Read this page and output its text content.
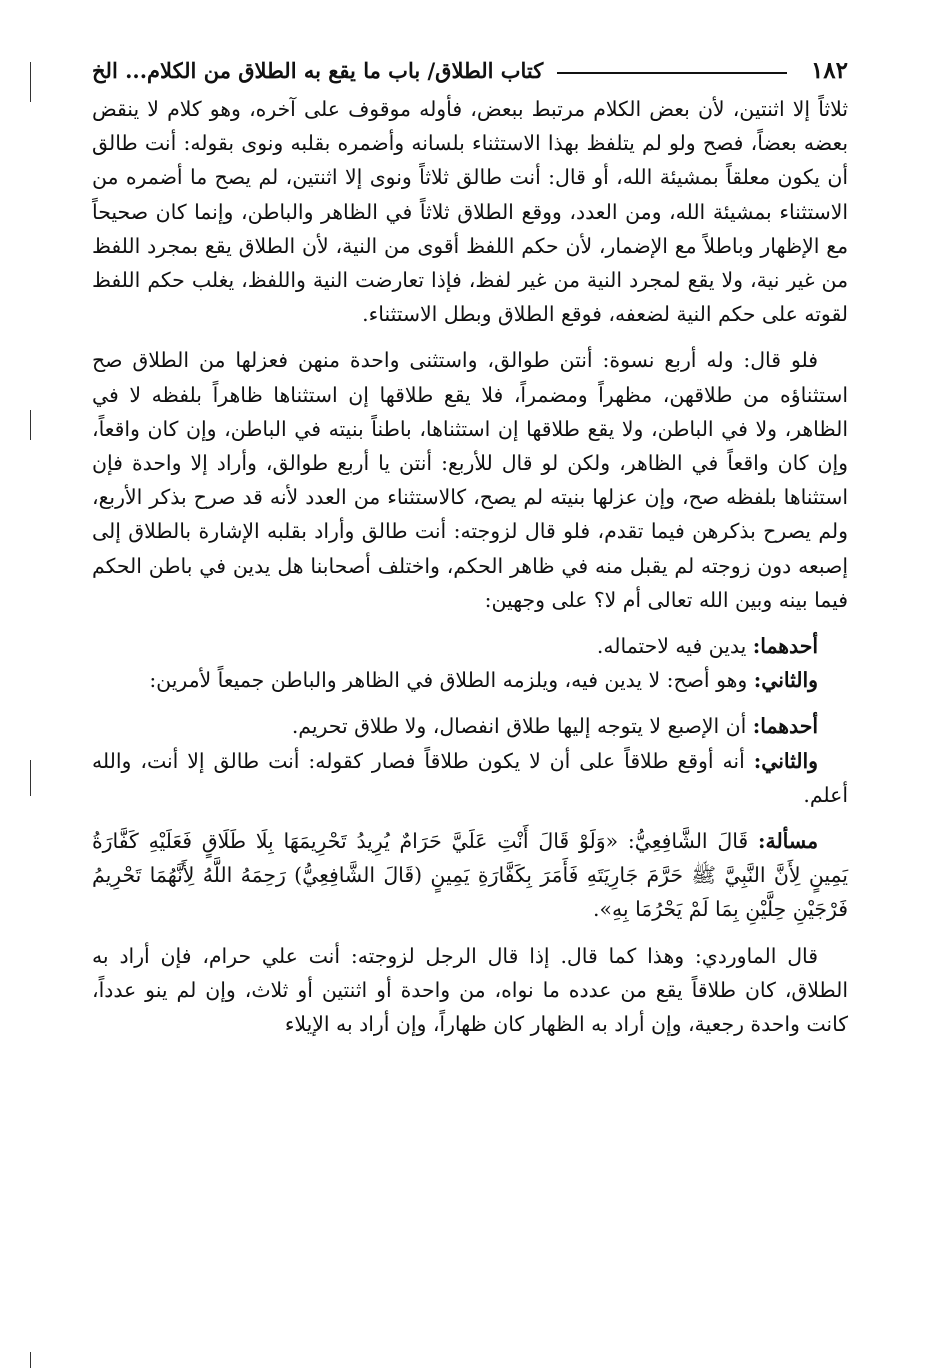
١٨٢
كتاب الطلاق/ باب ما يقع به الطلاق من الكلام... الخ

ثلاثاً إلا اثنتين، لأن بعض الكلام مرتبط ببعض، فأوله موقوف على آخره، وهو كلام لا ينقض بعضه بعضاً، فصح ولو لم يتلفظ بهذا الاستثناء بلسانه وأضمره بقلبه ونوى بقوله: أنت طالق أن يكون معلقاً بمشيئة الله، أو قال: أنت طالق ثلاثاً ونوى إلا اثنتين، لم يصح ما أضمره من الاستثناء بمشيئة الله، ومن العدد، ووقع الطلاق ثلاثاً في الظاهر والباطن، وإنما كان صحيحاً مع الإظهار وباطلاً مع الإضمار، لأن حكم اللفظ أقوى من النية، لأن الطلاق يقع بمجرد اللفظ من غير نية، ولا يقع لمجرد النية من غير لفظ، فإذا تعارضت النية واللفظ، يغلب حكم اللفظ لقوته على حكم النية لضعفه، فوقع الطلاق وبطل الاستثناء.

فلو قال: وله أربع نسوة: أنتن طوالق، واستثنى واحدة منهن فعزلها من الطلاق صح استثناؤه من طلاقهن، مظهراً ومضمراً، فلا يقع طلاقها إن استثناها ظاهراً بلفظه لا في الظاهر، ولا في الباطن، ولا يقع طلاقها إن استثناها، باطناً بنيته في الباطن، وإن كان واقعاً، وإن كان واقعاً في الظاهر، ولكن لو قال للأربع: أنتن يا أربع طوالق، وأراد إلا واحدة فإن استثناها بلفظه صح، وإن عزلها بنيته لم يصح، كالاستثناء من العدد لأنه قد صرح بذكر الأربع، ولم يصرح بذكرهن فيما تقدم، فلو قال لزوجته: أنت طالق وأراد بقلبه الإشارة بالطلاق إلى إصبعه دون زوجته لم يقبل منه في ظاهر الحكم، واختلف أصحابنا هل يدين في باطن الحكم فيما بينه وبين الله تعالى أم لا؟ على وجهين:

أحدهما: يدين فيه لاحتماله.

والثاني: وهو أصح: لا يدين فيه، ويلزمه الطلاق في الظاهر والباطن جميعاً لأمرين:

أحدهما: أن الإصبع لا يتوجه إليها طلاق انفصال، ولا طلاق تحريم.

والثاني: أنه أوقع طلاقاً على أن لا يكون طلاقاً فصار كقوله: أنت طالق إلا أنت، والله أعلم.

مسألة: قَالَ الشَّافِعِيُّ: «وَلَوْ قَالَ أَنْتِ عَلَيَّ حَرَامٌ يُرِيدُ تَحْرِيمَهَا بِلَا طَلَاقٍ فَعَلَيْهِ كَفَّارَةُ يَمِينٍ لِأَنَّ النَّبِيَّ ﷺ حَرَّمَ جَارِيَتَهِ فَأَمَرَ بِكَفَّارَةِ يَمِينٍ (قَالَ الشَّافِعِيُّ) رَحِمَهُ اللَّهُ لِأَنَّهُمَا تَحْرِيمُ فَرْجَيْنِ حِلَّيْنِ بِمَا لَمْ يَحْرُمَا بِهِ».

قال الماوردي: وهذا كما قال. إذا قال الرجل لزوجته: أنت علي حرام، فإن أراد به الطلاق، كان طلاقاً يقع من عدده ما نواه، من واحدة أو اثنتين أو ثلاث، وإن لم ينو عدداً، كانت واحدة رجعية، وإن أراد به الظهار كان ظهاراً، وإن أراد به الإيلاء
